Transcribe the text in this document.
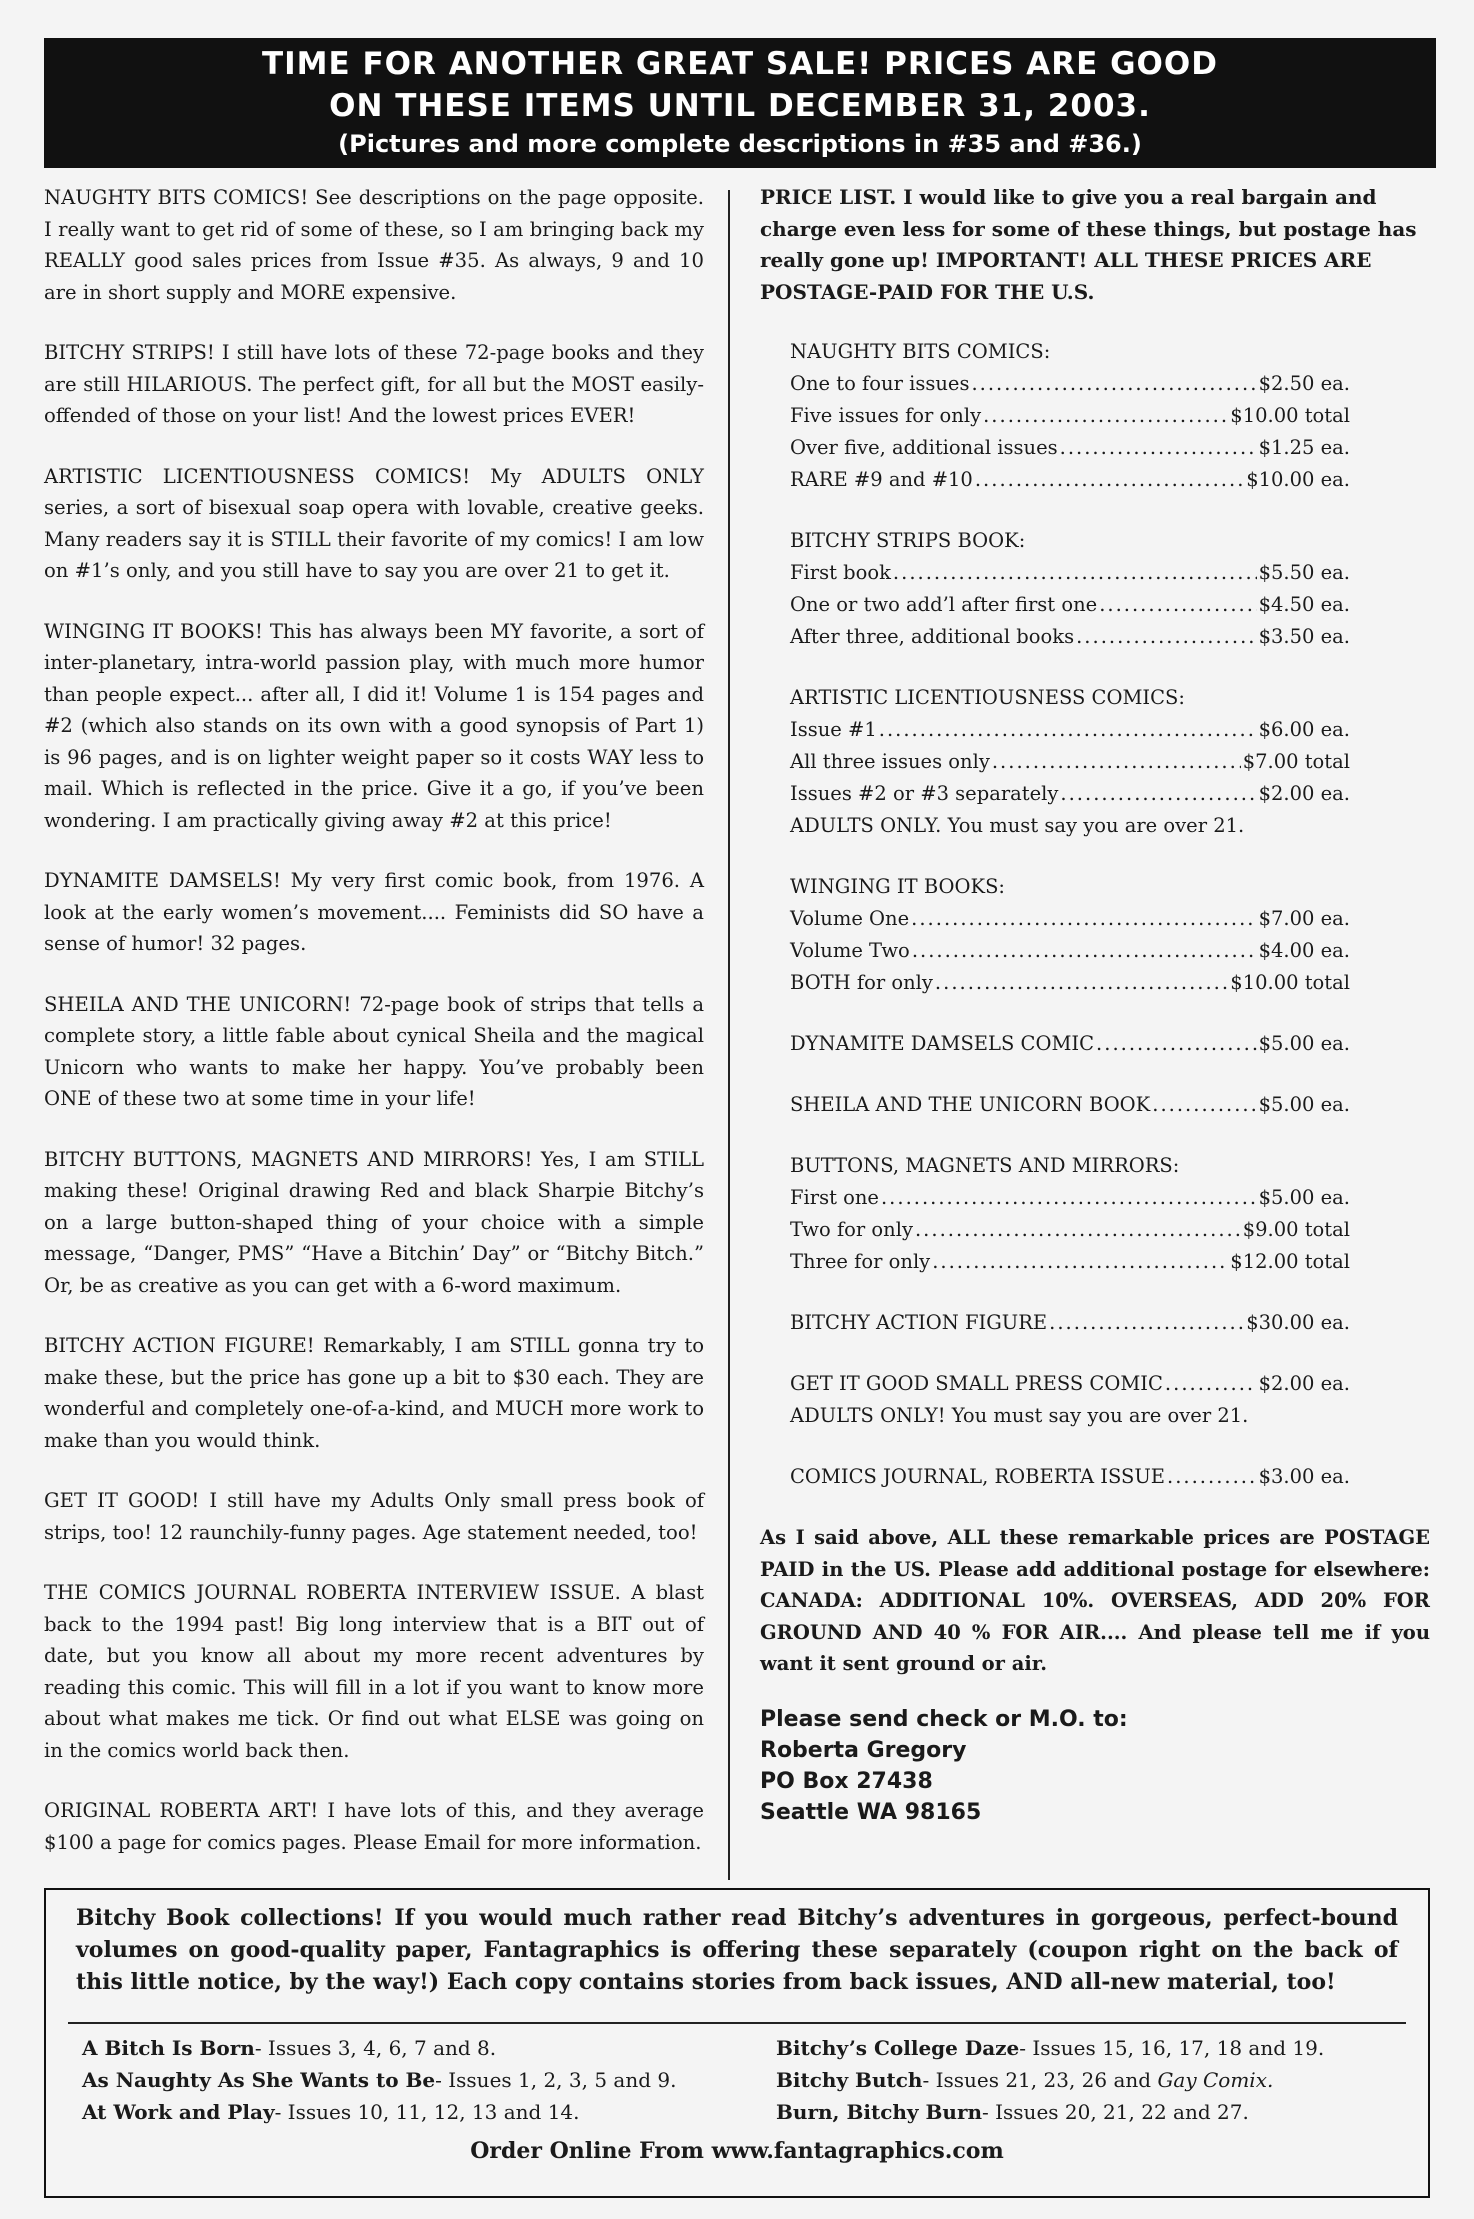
TIME FOR ANOTHER GREAT SALE! PRICES ARE GOOD
ON THESE ITEMS UNTIL DECEMBER 31, 2003.
(Pictures and more complete descriptions in #35 and #36.)

NAUGHTY BITS COMICS! See descriptions on the page opposite. I really want to get rid of some of these, so I am bringing back my REALLY good sales prices from Issue #35. As always, 9 and 10 are in short supply and MORE expensive.

BITCHY STRIPS! I still have lots of these 72-page books and they are still HILARIOUS. The perfect gift, for all but the MOST easily-offended of those on your list! And the lowest prices EVER!

ARTISTIC LICENTIOUSNESS COMICS! My ADULTS ONLY series, a sort of bisexual soap opera with lovable, creative geeks. Many readers say it is STILL their favorite of my comics! I am low on #1’s only, and you still have to say you are over 21 to get it.

WINGING IT BOOKS! This has always been MY favorite, a sort of inter-planetary, intra-world passion play, with much more humor than people expect... after all, I did it! Volume 1 is 154 pages and #2 (which also stands on its own with a good synopsis of Part 1) is 96 pages, and is on lighter weight paper so it costs WAY less to mail. Which is reflected in the price. Give it a go, if you’ve been wondering. I am practically giving away #2 at this price!

DYNAMITE DAMSELS! My very first comic book, from 1976. A look at the early women’s movement.... Feminists did SO have a sense of humor! 32 pages.

SHEILA AND THE UNICORN! 72-page book of strips that tells a complete story, a little fable about cynical Sheila and the magical Unicorn who wants to make her happy. You’ve probably been ONE of these two at some time in your life!

BITCHY BUTTONS, MAGNETS AND MIRRORS! Yes, I am STILL making these! Original drawing Red and black Sharpie Bitchy’s on a large button-shaped thing of your choice with a simple message, “Danger, PMS” “Have a Bitchin’ Day” or “Bitchy Bitch.” Or, be as creative as you can get with a 6-word maximum.

BITCHY ACTION FIGURE! Remarkably, I am STILL gonna try to make these, but the price has gone up a bit to $30 each. They are wonderful and completely one-of-a-kind, and MUCH more work to make than you would think.

GET IT GOOD! I still have my Adults Only small press book of strips, too! 12 raunchily-funny pages. Age statement needed, too!

THE COMICS JOURNAL ROBERTA INTERVIEW ISSUE. A blast back to the 1994 past! Big long interview that is a BIT out of date, but you know all about my more recent adventures by reading this comic. This will fill in a lot if you want to know more about what makes me tick. Or find out what ELSE was going on in the comics world back then.

ORIGINAL ROBERTA ART! I have lots of this, and they average $100 a page for comics pages. Please Email for more information.

PRICE LIST. I would like to give you a real bargain and charge even less for some of these things, but postage has really gone up! IMPORTANT! ALL THESE PRICES ARE POSTAGE-PAID FOR THE U.S.
NAUGHTY BITS COMICS:
One to four issues .....	$2.50 ea.
Five issues for only .....	$10.00 total
Over five, additional issues .....	$1.25 ea.
RARE #9 and #10 .....	$10.00 ea.
BITCHY STRIPS BOOK:
First book .....	$5.50 ea.
One or two add’l after first one .....	$4.50 ea.
After three, additional books .....	$3.50 ea.
ARTISTIC LICENTIOUSNESS COMICS:
Issue #1 .....	$6.00 ea.
All three issues only .....	$7.00 total
Issues #2 or #3 separately .....	$2.00 ea.
ADULTS ONLY. You must say you are over 21.
WINGING IT BOOKS:
Volume One .....	$7.00 ea.
Volume Two .....	$4.00 ea.
BOTH for only .....	$10.00 total
DYNAMITE DAMSELS COMIC .....	$5.00 ea.
SHEILA AND THE UNICORN BOOK .....	$5.00 ea.
BUTTONS, MAGNETS AND MIRRORS:
First one .....	$5.00 ea.
Two for only .....	$9.00 total
Three for only .....	$12.00 total
BITCHY ACTION FIGURE .....	$30.00 ea.
GET IT GOOD SMALL PRESS COMIC .....	$2.00 ea.
ADULTS ONLY! You must say you are over 21.
COMICS JOURNAL, ROBERTA ISSUE .....	$3.00 ea.
As I said above, ALL these remarkable prices are POSTAGE PAID in the US. Please add additional postage for elsewhere: CANADA: ADDITIONAL 10%. OVERSEAS, ADD 20% FOR GROUND AND 40 % FOR AIR.... And please tell me if you want it sent ground or air.
Please send check or M.O. to:
Roberta Gregory
PO Box 27438
Seattle WA 98165
Bitchy Book collections! If you would much rather read Bitchy’s adventures in gorgeous, perfect-bound volumes on good-quality paper, Fantagraphics is offering these separately (coupon right on the back of this little notice, by the way!) Each copy contains stories from back issues, AND all-new material, too!
A Bitch Is Born- Issues 3, 4, 6, 7 and 8.
As Naughty As She Wants to Be- Issues 1, 2, 3, 5 and 9.
At Work and Play- Issues 10, 11, 12, 13 and 14.
Bitchy’s College Daze- Issues 15, 16, 17, 18 and 19.
Bitchy Butch- Issues 21, 23, 26 and Gay Comix.
Burn, Bitchy Burn- Issues 20, 21, 22 and 27.
Order Online From www.fantagraphics.com
